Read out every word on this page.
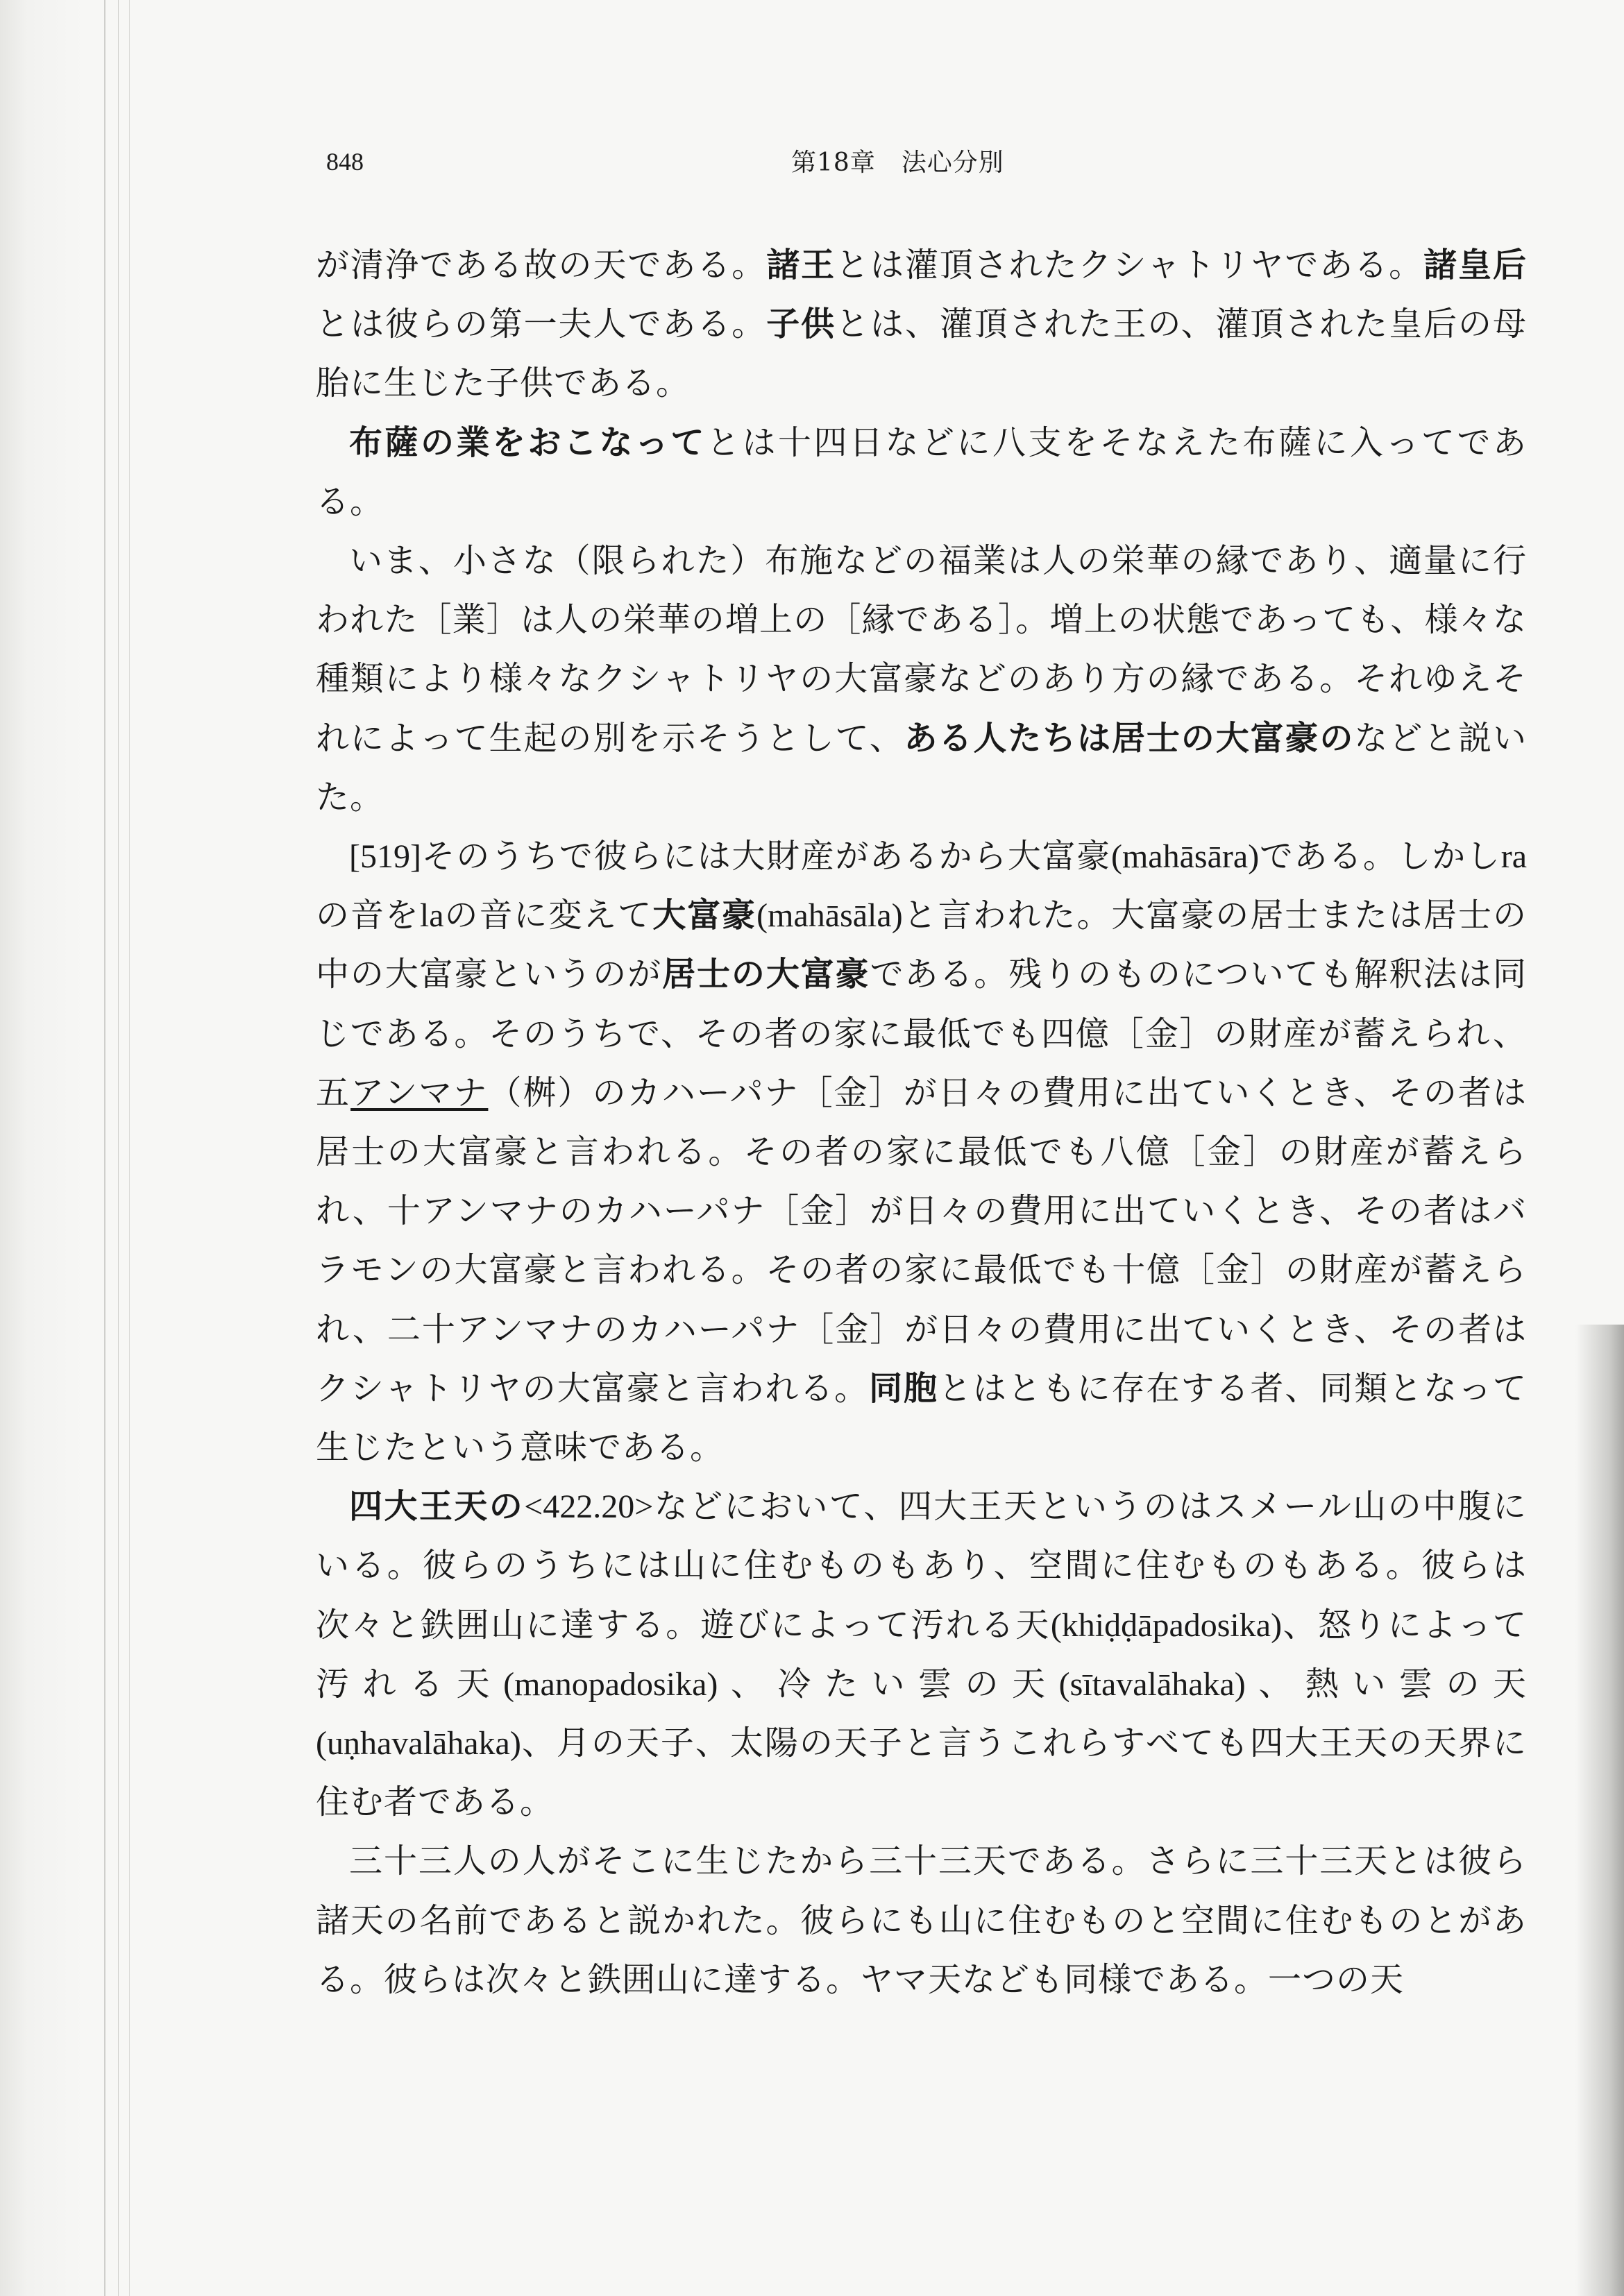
848	第18章　法心分別

が清浄である故の天である。諸王とは灌頂されたクシャトリヤである。諸皇后とは彼らの第一夫人である。子供とは、灌頂された王の、灌頂された皇后の母胎に生じた子供である。

布薩の業をおこなってとは十四日などに八支をそなえた布薩に入ってである。

いま、小さな（限られた）布施などの福業は人の栄華の縁であり、適量に行われた［業］は人の栄華の増上の［縁である］。増上の状態であっても、様々な種類により様々なクシャトリヤの大富豪などのあり方の縁である。それゆえそれによって生起の別を示そうとして、ある人たちは居士の大富豪のなどと説いた。

[519]そのうちで彼らには大財産があるから大富豪(mahāsāra)である。しかしraの音をlaの音に変えて大富豪(mahāsāla)と言われた。大富豪の居士または居士の中の大富豪というのが居士の大富豪である。残りのものについても解釈法は同じである。そのうちで、その者の家に最低でも四億［金］の財産が蓄えられ、五アンマナ（桝）のカハーパナ［金］が日々の費用に出ていくとき、その者は居士の大富豪と言われる。その者の家に最低でも八億［金］の財産が蓄えられ、十アンマナのカハーパナ［金］が日々の費用に出ていくとき、その者はバラモンの大富豪と言われる。その者の家に最低でも十億［金］の財産が蓄えられ、二十アンマナのカハーパナ［金］が日々の費用に出ていくとき、その者はクシャトリヤの大富豪と言われる。同胞とはともに存在する者、同類となって生じたという意味である。

四大王天の<422.20>などにおいて、四大王天というのはスメール山の中腹にいる。彼らのうちには山に住むものもあり、空間に住むものもある。彼らは次々と鉄囲山に達する。遊びによって汚れる天(khiḍḍāpadosika)、怒りによって汚れる天(manopadosika)、冷たい雲の天(sītavalāhaka)、熱い雲の天(uṇhavalāhaka)、月の天子、太陽の天子と言うこれらすべても四大王天の天界に住む者である。

三十三人の人がそこに生じたから三十三天である。さらに三十三天とは彼ら諸天の名前であると説かれた。彼らにも山に住むものと空間に住むものとがある。彼らは次々と鉄囲山に達する。ヤマ天なども同様である。一つの天
